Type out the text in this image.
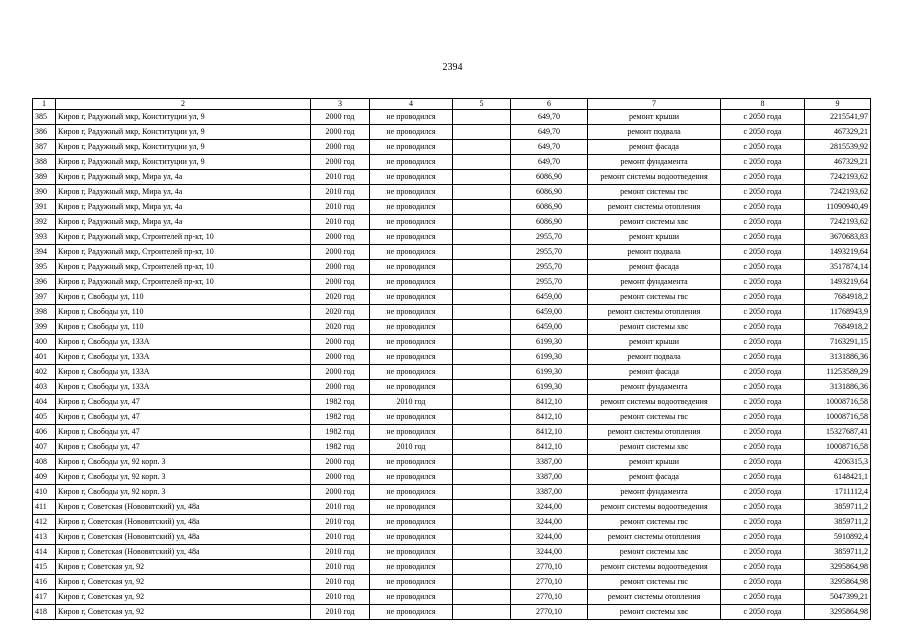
2394
1	2	3	4	5	6	7	8	9
385	Киров г, Радужный мкр, Конституции ул, 9	2000 год	не проводился		649,70	ремонт крыши	с 2050 года	2215541,97
386	Киров г, Радужный мкр, Конституции ул, 9	2000 год	не проводился		649,70	ремонт подвала	с 2050 года	467329,21
387	Киров г, Радужный мкр, Конституции ул, 9	2000 год	не проводился		649,70	ремонт фасада	с 2050 года	2815539,92
388	Киров г, Радужный мкр, Конституции ул, 9	2000 год	не проводился		649,70	ремонт фундамента	с 2050 года	467329,21
389	Киров г, Радужный мкр, Мира ул, 4а	2010 год	не проводился		6086,90	ремонт системы водоотведения	с 2050 года	7242193,62
390	Киров г, Радужный мкр, Мира ул, 4а	2010 год	не проводился		6086,90	ремонт системы гвс	с 2050 года	7242193,62
391	Киров г, Радужный мкр, Мира ул, 4а	2010 год	не проводился		6086,90	ремонт системы отопления	с 2050 года	11090940,49
392	Киров г, Радужный мкр, Мира ул, 4а	2010 год	не проводился		6086,90	ремонт системы хвс	с 2050 года	7242193,62
393	Киров г, Радужный мкр, Строителей пр-кт, 10	2000 год	не проводился		2955,70	ремонт крыши	с 2050 года	3670683,83
394	Киров г, Радужный мкр, Строителей пр-кт, 10	2000 год	не проводился		2955,70	ремонт подвала	с 2050 года	1493219,64
395	Киров г, Радужный мкр, Строителей пр-кт, 10	2000 год	не проводился		2955,70	ремонт фасада	с 2050 года	3517874,14
396	Киров г, Радужный мкр, Строителей пр-кт, 10	2000 год	не проводился		2955,70	ремонт фундамента	с 2050 года	1493219,64
397	Киров г, Свободы ул, 110	2020 год	не проводился		6459,00	ремонт системы гвс	с 2050 года	7684918,2
398	Киров г, Свободы ул, 110	2020 год	не проводился		6459,00	ремонт системы отопления	с 2050 года	11768943,9
399	Киров г, Свободы ул, 110	2020 год	не проводился		6459,00	ремонт системы хвс	с 2050 года	7684918,2
400	Киров г, Свободы ул, 133А	2000 год	не проводился		6199,30	ремонт крыши	с 2050 года	7163291,15
401	Киров г, Свободы ул, 133А	2000 год	не проводился		6199,30	ремонт подвала	с 2050 года	3131886,36
402	Киров г, Свободы ул, 133А	2000 год	не проводился		6199,30	ремонт фасада	с 2050 года	11253589,29
403	Киров г, Свободы ул, 133А	2000 год	не проводился		6199,30	ремонт фундамента	с 2050 года	3131886,36
404	Киров г, Свободы ул, 47	1982 год	2010 год		8412,10	ремонт системы водоотведения	с 2050 года	10008716,58
405	Киров г, Свободы ул, 47	1982 год	не проводился		8412,10	ремонт системы гвс	с 2050 года	10008716,58
406	Киров г, Свободы ул, 47	1982 год	не проводился		8412,10	ремонт системы отопления	с 2050 года	15327687,41
407	Киров г, Свободы ул, 47	1982 год	2010 год		8412,10	ремонт системы хвс	с 2050 года	10008716,58
408	Киров г, Свободы ул, 92 корп. 3	2000 год	не проводился		3387,00	ремонт крыши	с 2050 года	4206315,3
409	Киров г, Свободы ул, 92 корп. 3	2000 год	не проводился		3387,00	ремонт фасада	с 2050 года	6148421,1
410	Киров г, Свободы ул, 92 корп. 3	2000 год	не проводился		3387,00	ремонт фундамента	с 2050 года	1711112,4
411	Киров г, Советская (Нововятский) ул, 48а	2010 год	не проводился		3244,00	ремонт системы водоотведения	с 2050 года	3859711,2
412	Киров г, Советская (Нововятский) ул, 48а	2010 год	не проводился		3244,00	ремонт системы гвс	с 2050 года	3859711,2
413	Киров г, Советская (Нововятский) ул, 48а	2010 год	не проводился		3244,00	ремонт системы отопления	с 2050 года	5910892,4
414	Киров г, Советская (Нововятский) ул, 48а	2010 год	не проводился		3244,00	ремонт системы хвс	с 2050 года	3859711,2
415	Киров г, Советская ул, 92	2010 год	не проводился		2770,10	ремонт системы водоотведения	с 2050 года	3295864,98
416	Киров г, Советская ул, 92	2010 год	не проводился		2770,10	ремонт системы гвс	с 2050 года	3295864,98
417	Киров г, Советская ул, 92	2010 год	не проводился		2770,10	ремонт системы отопления	с 2050 года	5047399,21
418	Киров г, Советская ул, 92	2010 год	не проводился		2770,10	ремонт системы хвс	с 2050 года	3295864,98
